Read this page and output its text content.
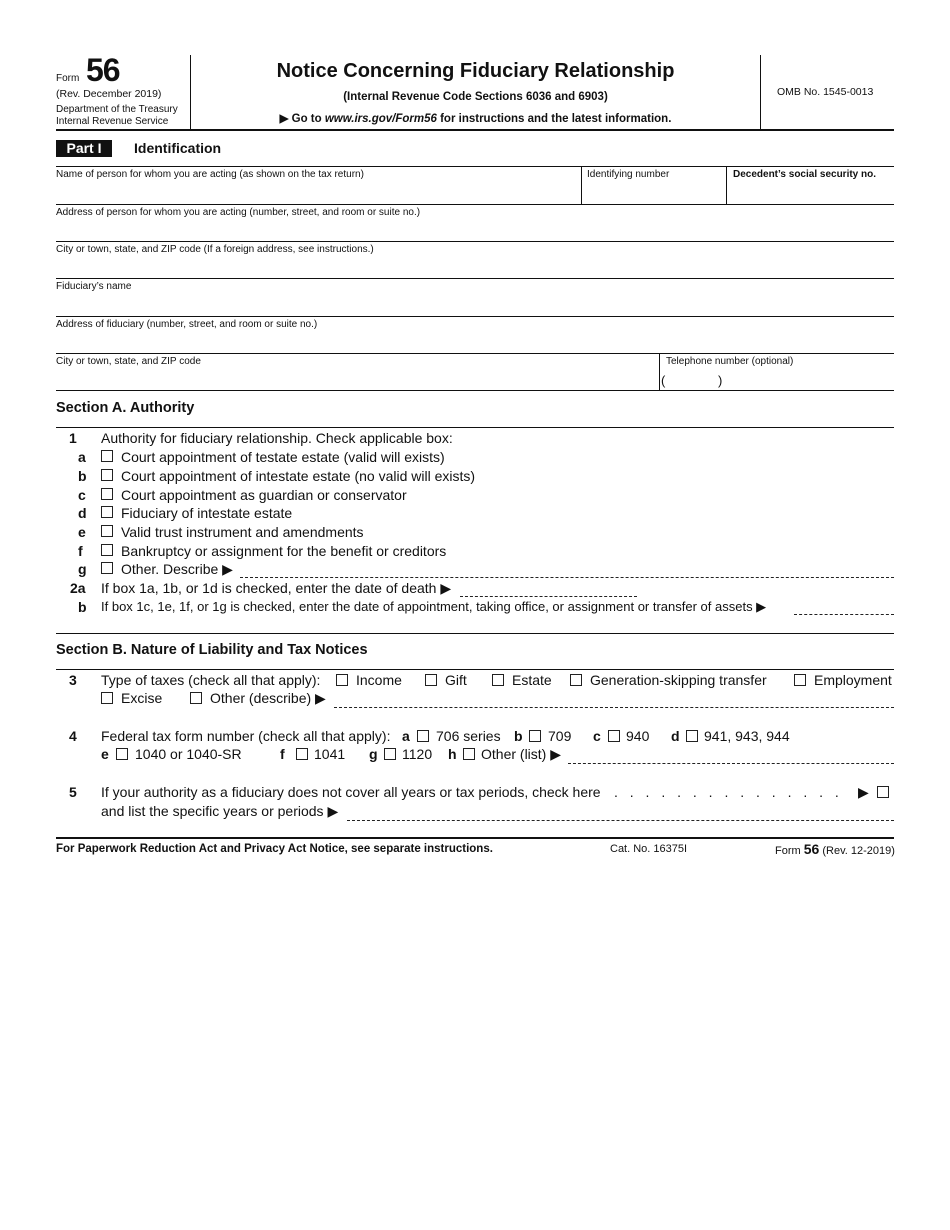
Form 56
(Rev. December 2019)
Department of the Treasury
Internal Revenue Service
Notice Concerning Fiduciary Relationship
(Internal Revenue Code Sections 6036 and 6903)
▶ Go to www.irs.gov/Form56 for instructions and the latest information.
OMB No. 1545-0013
Part I	Identification
Name of person for whom you are acting (as shown on the tax return)	Identifying number	Decedent’s social security no.
Address of person for whom you are acting (number, street, and room or suite no.)
City or town, state, and ZIP code (If a foreign address, see instructions.)
Fiduciary’s name
Address of fiduciary (number, street, and room or suite no.)
City or town, state, and ZIP code	Telephone number (optional)
(	)
Section A. Authority
1 Authority for fiduciary relationship. Check applicable box:
a	Court appointment of testate estate (valid will exists)
b Court appointment of intestate estate (no valid will exists)
c	Court appointment as guardian or conservator
d Fiduciary of intestate estate
e	Valid trust instrument and amendments
f	Bankruptcy or assignment for the benefit or creditors
g Other. Describe ▶
2a If box 1a, 1b, or 1d is checked, enter the date of death ▶
b If box 1c, 1e, 1f, or 1g is checked, enter the date of appointment, taking office, or assignment or transfer of assets ▶
Section B. Nature of Liability and Tax Notices
3 Type of taxes (check all that apply):	Income	Gift	Estate	Generation-skipping transfer	Employment
Excise	Other (describe) ▶
4 Federal tax form number (check all that apply): a 706 series b 709 c 940 d 941, 943, 944
e 1040 or 1040-SR	f 1041 g 1120 h Other (list) ▶
5 If your authority as a fiduciary does not cover all years or tax periods, check here . . . . . . . . . . . . . . . ▶
and list the specific years or periods ▶
For Paperwork Reduction Act and Privacy Act Notice, see separate instructions.	Cat. No. 16375I	Form 56 (Rev. 12-2019)
